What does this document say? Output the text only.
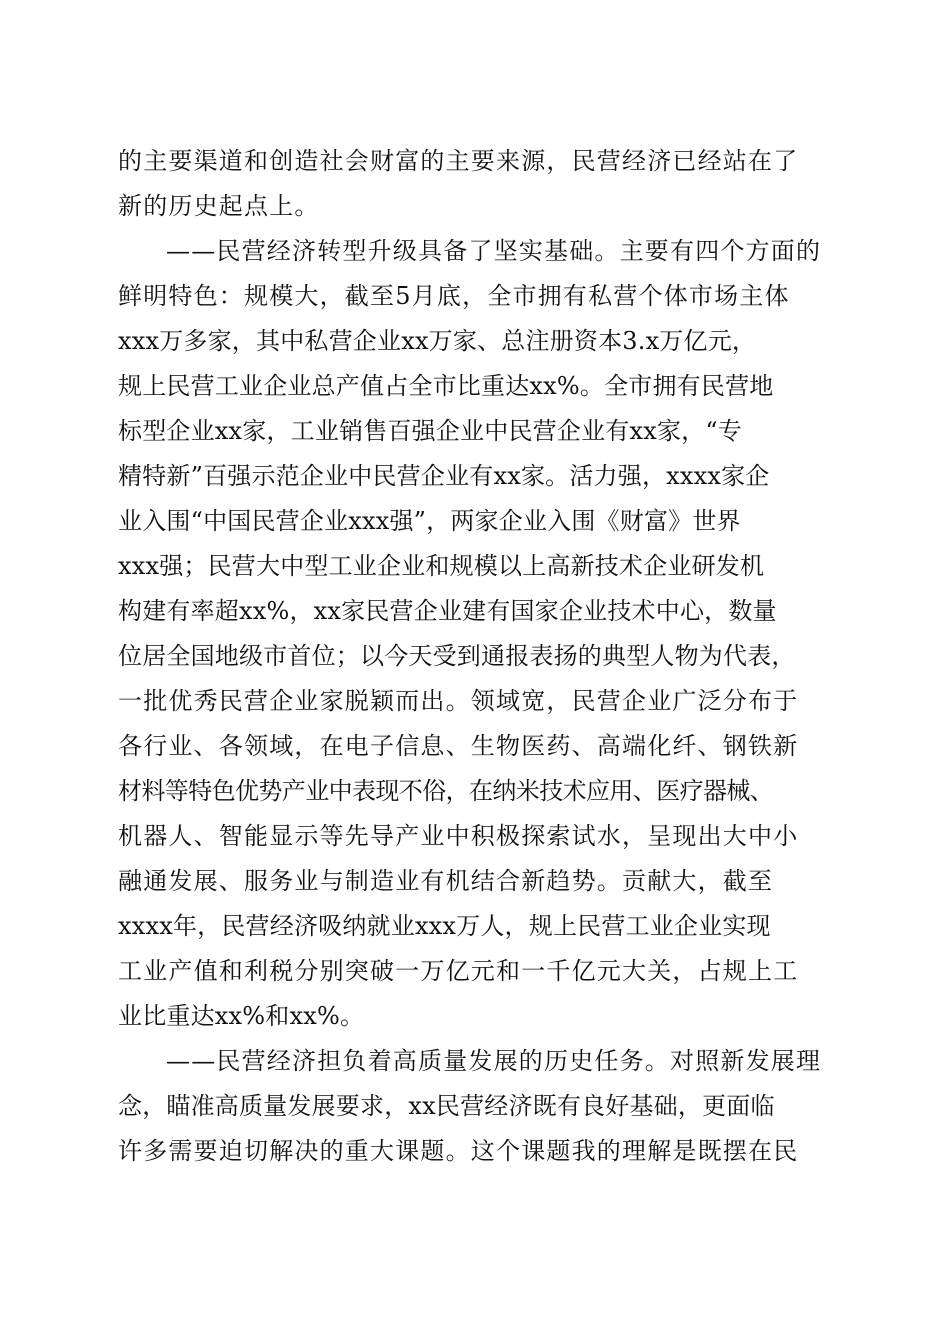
的主要渠道和创造社会财富的主要来源，民营经济已经站在了
新的历史起点上。
——民营经济转型升级具备了坚实基础。主要有四个方面的
鲜明特色：规模大，截至5月底，全市拥有私营个体市场主体
xxx万多家，其中私营企业xx万家、总注册资本3.x万亿元，
规上民营工业企业总产值占全市比重达xx%。全市拥有民营地
标型企业xx家，工业销售百强企业中民营企业有xx家，“专
精特新”百强示范企业中民营企业有xx家。活力强，xxxx家企
业入围“中国民营企业xxx强”，两家企业入围《财富》世界
xxx强；民营大中型工业企业和规模以上高新技术企业研发机
构建有率超xx%，xx家民营企业建有国家企业技术中心，数量
位居全国地级市首位；以今天受到通报表扬的典型人物为代表，
一批优秀民营企业家脱颖而出。领域宽，民营企业广泛分布于
各行业、各领域，在电子信息、生物医药、高端化纤、钢铁新
材料等特色优势产业中表现不俗，在纳米技术应用、医疗器械、
机器人、智能显示等先导产业中积极探索试水，呈现出大中小
融通发展、服务业与制造业有机结合新趋势。贡献大，截至
xxxx年，民营经济吸纳就业xxx万人，规上民营工业企业实现
工业产值和利税分别突破一万亿元和一千亿元大关，占规上工
业比重达xx%和xx%。
——民营经济担负着高质量发展的历史任务。对照新发展理
念，瞄准高质量发展要求，xx民营经济既有良好基础，更面临
许多需要迫切解决的重大课题。这个课题我的理解是既摆在民
